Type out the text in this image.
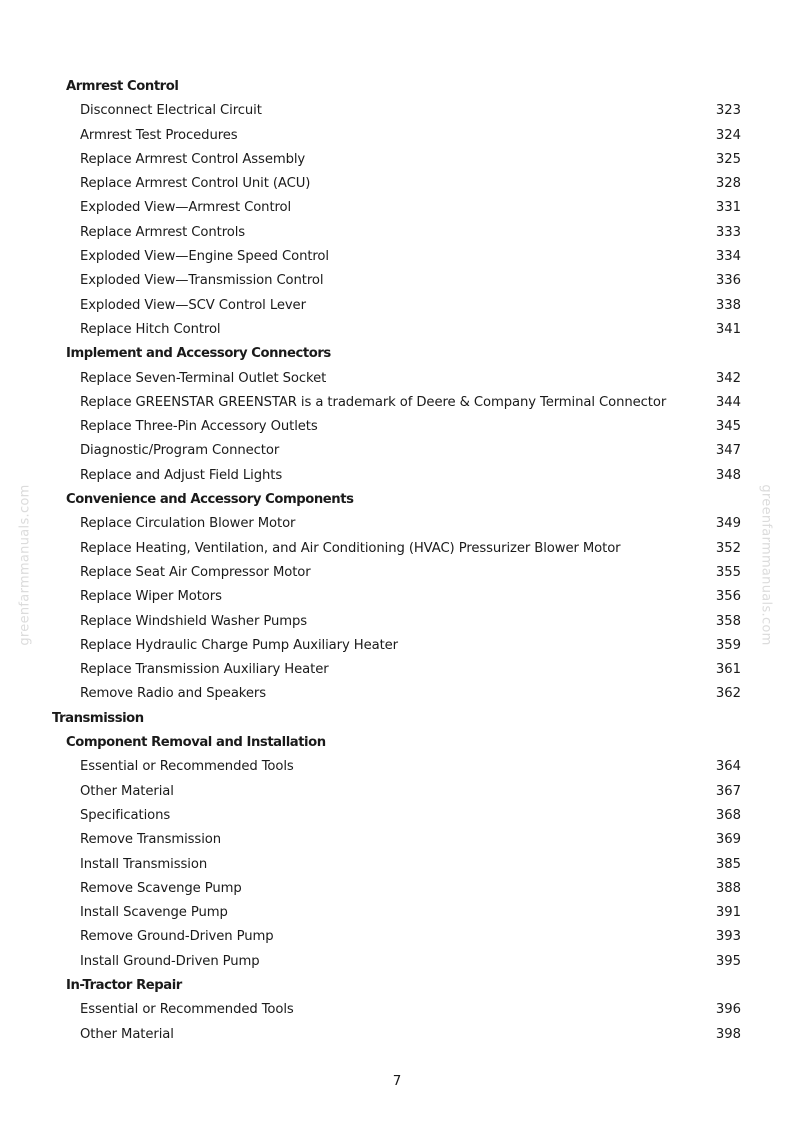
greenfarmmanuals.com	greenfarmmanuals.com
Armrest Control
Disconnect Electrical Circuit	323
Armrest Test Procedures	324
Replace Armrest Control Assembly	325
Replace Armrest Control Unit (ACU)	328
Exploded View—Armrest Control	331
Replace Armrest Controls	333
Exploded View—Engine Speed Control	334
Exploded View—Transmission Control	336
Exploded View—SCV Control Lever	338
Replace Hitch Control	341
Implement and Accessory Connectors
Replace Seven-Terminal Outlet Socket	342
Replace GREENSTAR GREENSTAR is a trademark of Deere & Company Terminal Connector	344
Replace Three-Pin Accessory Outlets	345
Diagnostic/Program Connector	347
Replace and Adjust Field Lights	348
Convenience and Accessory Components
Replace Circulation Blower Motor	349
Replace Heating, Ventilation, and Air Conditioning (HVAC) Pressurizer Blower Motor	352
Replace Seat Air Compressor Motor	355
Replace Wiper Motors	356
Replace Windshield Washer Pumps	358
Replace Hydraulic Charge Pump Auxiliary Heater	359
Replace Transmission Auxiliary Heater	361
Remove Radio and Speakers	362
Transmission
Component Removal and Installation
Essential or Recommended Tools	364
Other Material	367
Specifications	368
Remove Transmission	369
Install Transmission	385
Remove Scavenge Pump	388
Install Scavenge Pump	391
Remove Ground-Driven Pump	393
Install Ground-Driven Pump	395
In-Tractor Repair
Essential or Recommended Tools	396
Other Material	398
7
